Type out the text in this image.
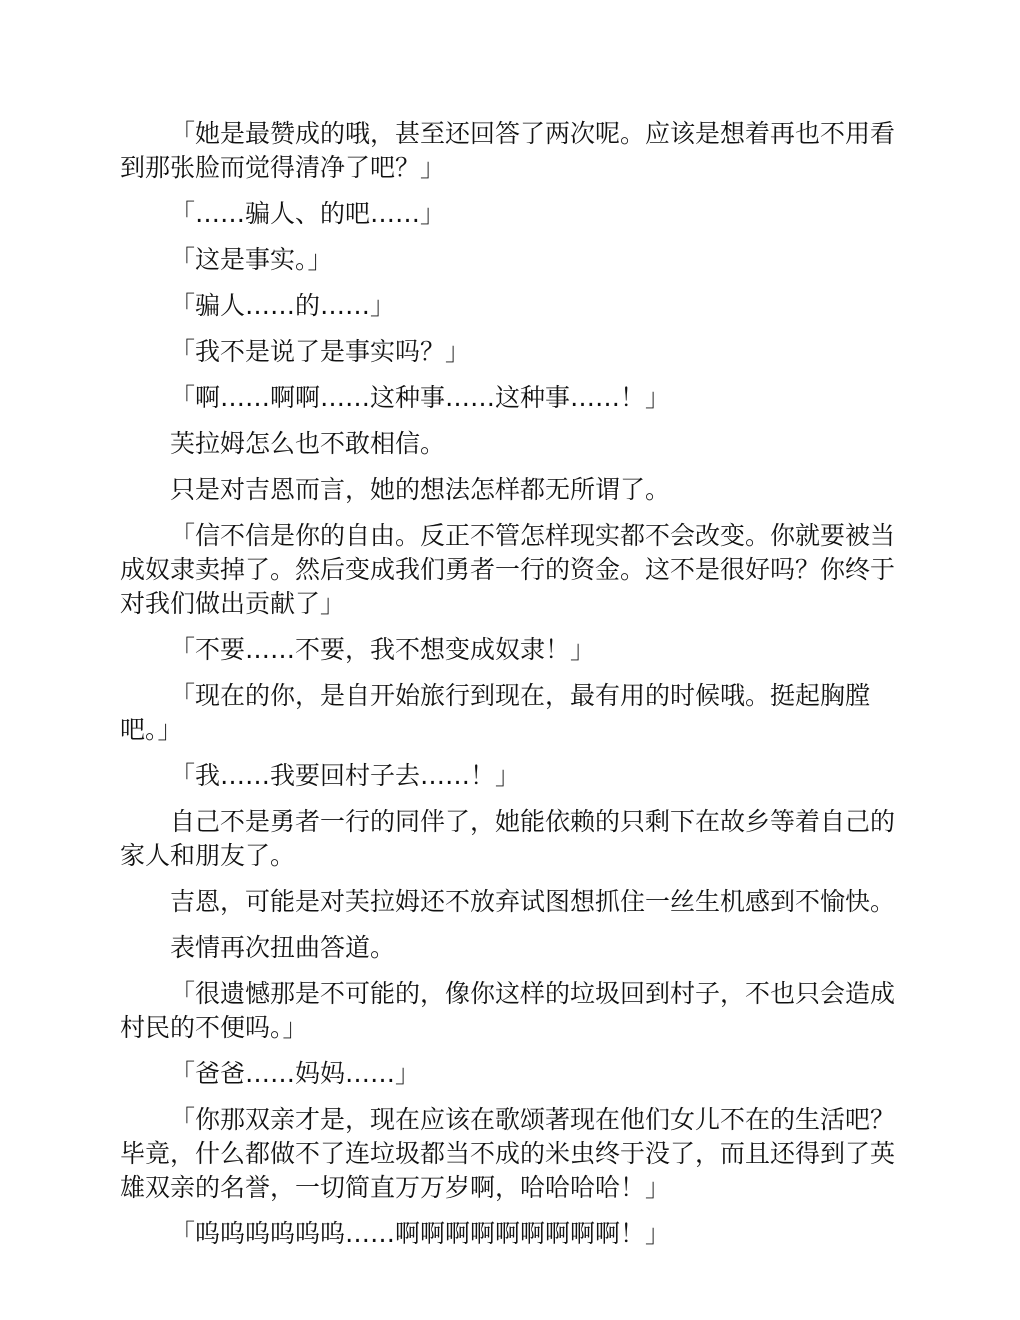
「她是最赞成的哦，甚至还回答了两次呢。应该是想着再也不用看到那张脸而觉得清净了吧？」

「……骗人、的吧……」

「这是事实。」

「骗人……的……」

「我不是说了是事实吗？」

「啊……啊啊……这种事……这种事……！」

芙拉姆怎么也不敢相信。

只是对吉恩而言，她的想法怎样都无所谓了。

「信不信是你的自由。反正不管怎样现实都不会改变。你就要被当成奴隶卖掉了。然后变成我们勇者一行的资金。这不是很好吗？你终于对我们做出贡献了」

「不要……不要，我不想变成奴隶！」

「现在的你，是自开始旅行到现在，最有用的时候哦。挺起胸膛吧。」

「我……我要回村子去……！」

自己不是勇者一行的同伴了，她能依赖的只剩下在故乡等着自己的家人和朋友了。

吉恩，可能是对芙拉姆还不放弃试图想抓住一丝生机感到不愉快。

表情再次扭曲答道。

「很遗憾那是不可能的，像你这样的垃圾回到村子，不也只会造成村民的不便吗。」

「爸爸……妈妈……」

「你那双亲才是，现在应该在歌颂著现在他们女儿不在的生活吧？毕竟，什么都做不了连垃圾都当不成的米虫终于没了，而且还得到了英雄双亲的名誉，一切简直万万岁啊，哈哈哈哈！」

「呜呜呜呜呜呜……啊啊啊啊啊啊啊啊啊！」
